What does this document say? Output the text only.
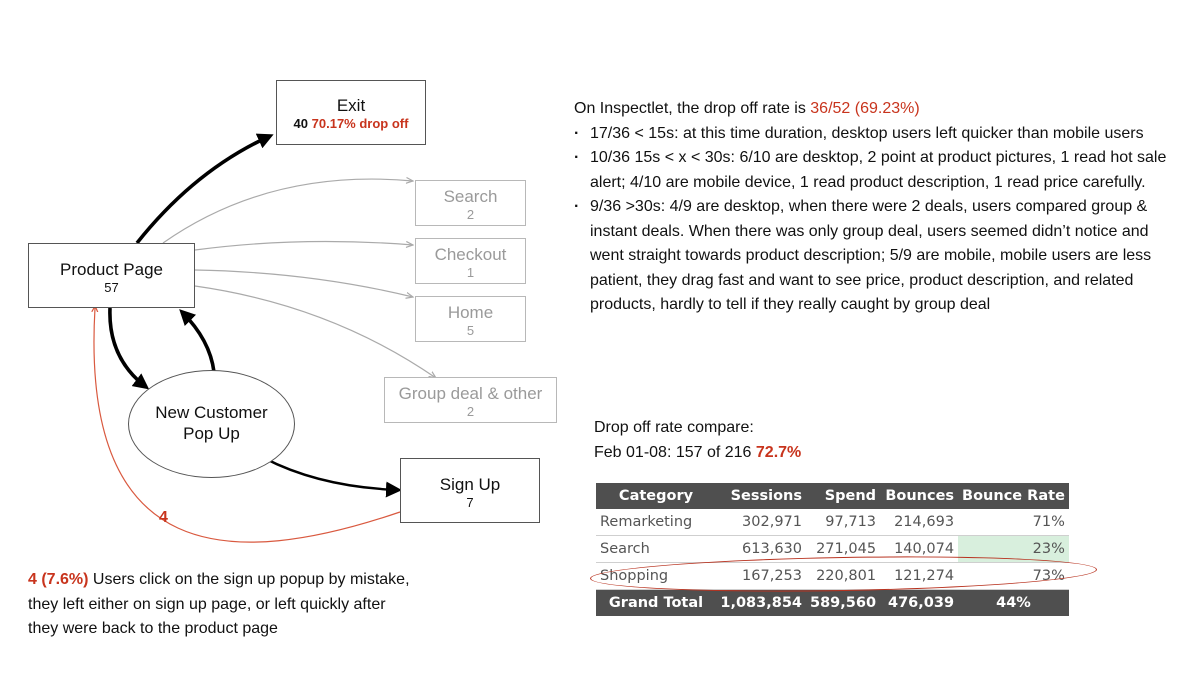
Exit
40 70.17% drop off
Product Page
57
Search
2
Checkout
1
Home
5
Group deal & other
2
New Customer
Pop Up
Sign Up
7
4
4 (7.6%) Users click on the sign up popup by mistake,
they left either on sign up page, or left quickly after
they were back to the product page
On Inspectlet, the drop off rate is 36/52 (69.23%)
· 17/36 < 15s: at this time duration, desktop users left quicker than mobile users
· 10/36 15s < x < 30s: 6/10 are desktop, 2 point at product pictures, 1 read hot sale alert; 4/10 are mobile device, 1 read product description, 1 read price carefully.
· 9/36 >30s: 4/9 are desktop, when there were 2 deals, users compared group & instant deals. When there was only group deal, users seemed didn’t notice and went straight towards product description; 5/9 are mobile, mobile users are less patient, they drag fast and want to see price, product description, and related products, hardly to tell if they really caught by group deal
Drop off rate compare:
Feb 01-08: 157 of 216 72.7%
Category	Sessions	Spend	Bounces	Bounce Rate
Remarketing	302,971	97,713	214,693	71%
Search	613,630	271,045	140,074	23%
Shopping	167,253	220,801	121,274	73%
Grand Total	1,083,854	589,560	476,039	44%
